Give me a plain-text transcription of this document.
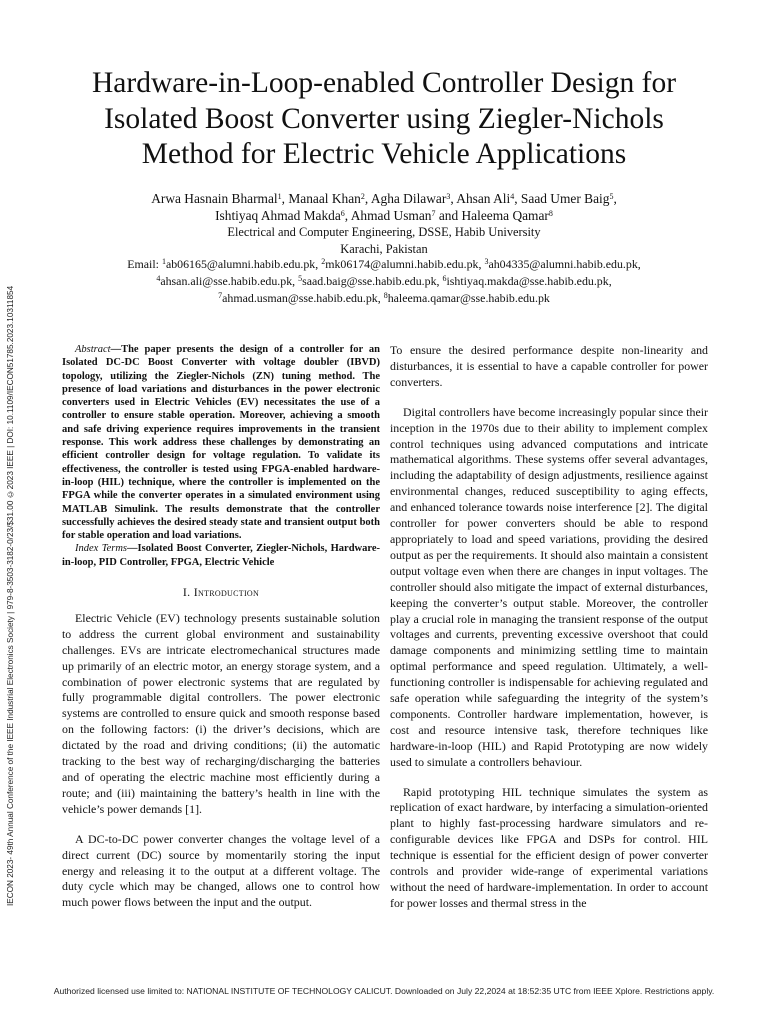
IECON 2023- 49th Annual Conference of the IEEE Industrial Electronics Society | 979-8-3503-3182-0/23/$31.00 ©2023 IEEE | DOI: 10.1109/IECON51785.2023.10311854
Hardware-in-Loop-enabled Controller Design for Isolated Boost Converter using Ziegler-Nichols Method for Electric Vehicle Applications
Arwa Hasnain Bharmal$^1$, Manaal Khan$^2$, Agha Dilawar$^3$, Ahsan Ali$^4$, Saad Umer Baig$^5$,
Ishtiyaq Ahmad Makda$^6$, Ahmad Usman$^7$ and Haleema Qamar$^8$
Electrical and Computer Engineering, DSSE, Habib University
Karachi, Pakistan
Email: $^1$ab06165@alumni.habib.edu.pk, $^2$mk06174@alumni.habib.edu.pk, $^3$ah04335@alumni.habib.edu.pk,
$^4$ahsan.ali@sse.habib.edu.pk, $^5$saad.baig@sse.habib.edu.pk, $^6$ishtiyaq.makda@sse.habib.edu.pk,
$^7$ahmad.usman@sse.habib.edu.pk, $^8$haleema.qamar@sse.habib.edu.pk

Abstract—The paper presents the design of a controller for an Isolated DC-DC Boost Converter with voltage doubler (IBVD) topology, utilizing the Ziegler-Nichols (ZN) tuning method. The presence of load variations and disturbances in the power electronic converters used in Electric Vehicles (EV) necessitates the use of a controller to ensure stable operation. Moreover, achieving a smooth and safe driving experience requires improvements in the transient response. This work address these challenges by demonstrating an efficient controller design for voltage regulation. To validate its effectiveness, the controller is tested using FPGA-enabled hardware-in-loop (HIL) technique, where the controller is implemented on the FPGA while the converter operates in a simulated environment using MATLAB Simulink. The results demonstrate that the controller successfully achieves the desired steady state and transient output both for stable operation and load variations.

Index Terms—Isolated Boost Converter, Ziegler-Nichols, Hardware-in-loop, PID Controller, FPGA, Electric Vehicle

I. Introduction

Electric Vehicle (EV) technology presents sustainable solution to address the current global environment and sustainability challenges. EVs are intricate electromechanical structures made up primarily of an electric motor, an energy storage system, and a combination of power electronic systems that are regulated by fully programmable digital controllers. The power electronic systems are controlled to ensure quick and smooth response based on the following factors: (i) the driver’s decisions, which are dictated by the road and driving conditions; (ii) the automatic tracking to the best way of recharging/discharging the batteries and of operating the electric machine most efficiently during a route; and (iii) maintaining the battery’s health in line with the vehicle’s power demands [1].

A DC-to-DC power converter changes the voltage level of a direct current (DC) source by momentarily storing the input energy and releasing it to the output at a different voltage. The duty cycle which may be changed, allows one to control how much power flows between the input and the output.

To ensure the desired performance despite non-linearity and disturbances, it is essential to have a capable controller for power converters.

Digital controllers have become increasingly popular since their inception in the 1970s due to their ability to implement complex control techniques using advanced computations and intricate mathematical algorithms. These systems offer several advantages, including the adaptability of design adjustments, resilience against environmental changes, reduced susceptibility to aging effects, and enhanced tolerance towards noise interference [2]. The digital controller for power converters should be able to respond appropriately to load and speed variations, providing the desired output as per the requirements. It should also maintain a consistent output voltage even when there are changes in input voltages. The controller should also mitigate the impact of external disturbances, keeping the converter’s output stable. Moreover, the controller play a crucial role in managing the transient response of the output voltages and currents, preventing excessive overshoot that could damage components and minimizing settling time to maintain optimal performance and speed regulation. Ultimately, a well-functioning controller is indispensable for achieving regulated and safe operation while safeguarding the integrity of the system’s components. Controller hardware implementation, however, is cost and resource intensive task, therefore techniques like hardware-in-loop (HIL) and Rapid Prototyping are now widely used to simulate a controllers behaviour.

Rapid prototyping HIL technique simulates the system as replication of exact hardware, by interfacing a simulation-oriented plant to highly fast-processing hardware simulators and re-configurable devices like FPGA and DSPs for control. HIL technique is essential for the efficient design of power converter controls and provider wide-range of experimental variations without the need of hardware-implementation. In order to account for power losses and thermal stress in the

Authorized licensed use limited to: NATIONAL INSTITUTE OF TECHNOLOGY CALICUT. Downloaded on July 22,2024 at 18:52:35 UTC from IEEE Xplore. Restrictions apply.
